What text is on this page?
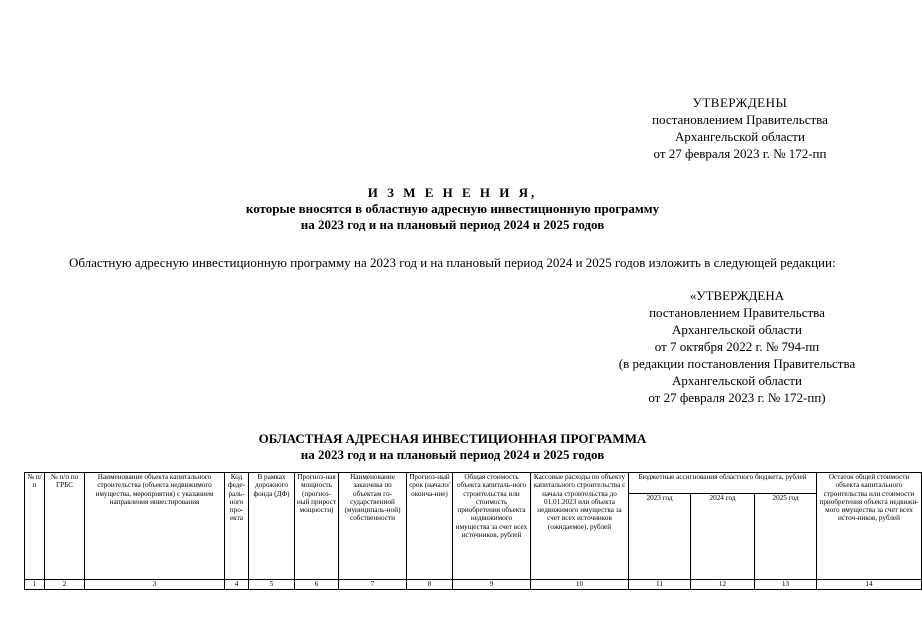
УТВЕРЖДЕНЫ
постановлением Правительства
Архангельской области
от 27 февраля 2023 г. № 172-пп
И З М Е Н Е Н И Я,
которые вносятся в областную адресную инвестиционную программу
на 2023 год и на плановый период 2024 и 2025 годов
Областную адресную инвестиционную программу на 2023 год и на плановый период 2024 и 2025 годов изложить в следующей редакции:
«УТВЕРЖДЕНА
постановлением Правительства
Архангельской области
от 7 октября 2022 г. № 794-пп
(в редакции постановления Правительства
Архангельской области
от 27 февраля 2023 г. № 172-пп)
ОБЛАСТНАЯ АДРЕСНАЯ ИНВЕСТИЦИОННАЯ ПРОГРАММА
на 2023 год и на плановый период 2024 и 2025 годов
№ п/п	№ п/п по ГРБС	Наименование объекта капитального строительства (объекта недвижимого имущества, мероприятия) с указанием направления инвестирования	Код феде-раль-ного про-екта	В рамках дорожного фонда (ДФ)	Прогноз-ная мощность (прогноз-ный прирост мощности)	Наименование заказчика по объектам го-сударственной (муниципаль-ной) собственности	Прогноз-ный срок (начало/ оконча-ние)	Общая стоимость объекта капиталь-ного строительства или стоимость приобретения объекта недвижимого имущества за счет всех источников, рублей	Кассовые расходы по объекту капитального строительства с начала строительства до 01.01.2023 или объекта недвижимого имущества за счет всех источников (ожидаемое), рублей	Бюджетные ассигнования областного бюджета, рублей			Остаток общей стоимости объекта капитального строительства или стоимости приобретения объекта недвижи-мого имущества за счет всех источ-ников, рублей
										2023 год	2024 год	2025 год	
1	2	3	4	5	6	7	8	9	10	11	12	13	14
